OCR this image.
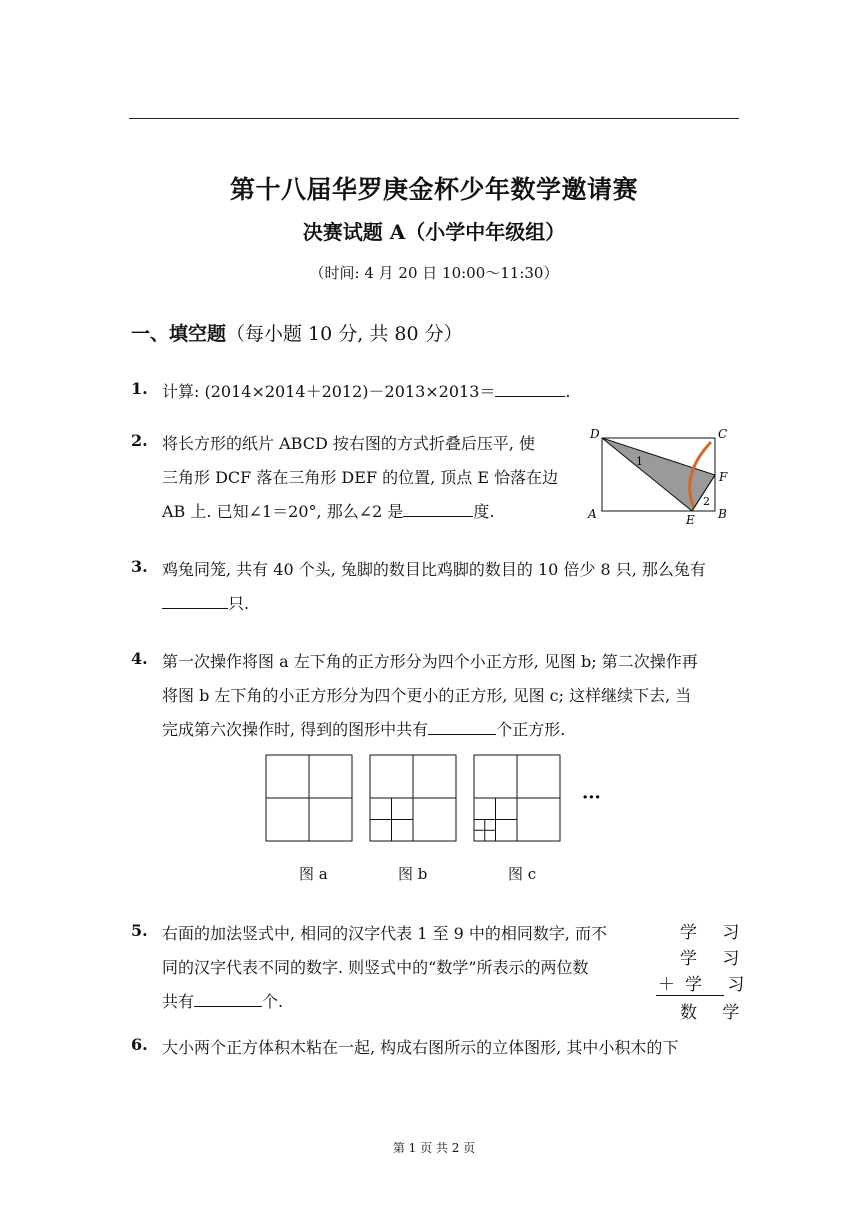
第十八届华罗庚金杯少年数学邀请赛
决赛试题 A（小学中年级组）
（时间: 4 月 20 日 10:00～11:30）
一、填空题（每小题 10 分, 共 80 分）
1. 计算: (2014×2014＋2012)－2013×2013＝	.
2. 将长方形的纸片 ABCD 按右图的方式折叠后压平, 使
三角形 DCF 落在三角形 DEF 的位置, 顶点 E 恰落在边
AB 上. 已知∠1＝20°, 那么∠2 是	度.
D	C
F
A	E B
1
2
3. 鸡兔同笼, 共有 40 个头, 兔脚的数目比鸡脚的数目的 10 倍少 8 只, 那么兔有
只.
4. 第一次操作将图 a 左下角的正方形分为四个小正方形, 见图 b; 第二次操作再
将图 b 左下角的小正方形分为四个更小的正方形, 见图 c; 这样继续下去, 当
完成第六次操作时, 得到的图形中共有	个正方形.
···
图 a	图 b	图 c
5. 右面的加法竖式中, 相同的汉字代表 1 至 9 中的相同数字, 而不
同的汉字代表不同的数字. 则竖式中的“数学”所表示的两位数
共有	个.
学 习
学 习
＋学 习
数 学
6. 大小两个正方体积木粘在一起, 构成右图所示的立体图形, 其中小积木的下
第 1 页 共 2 页
